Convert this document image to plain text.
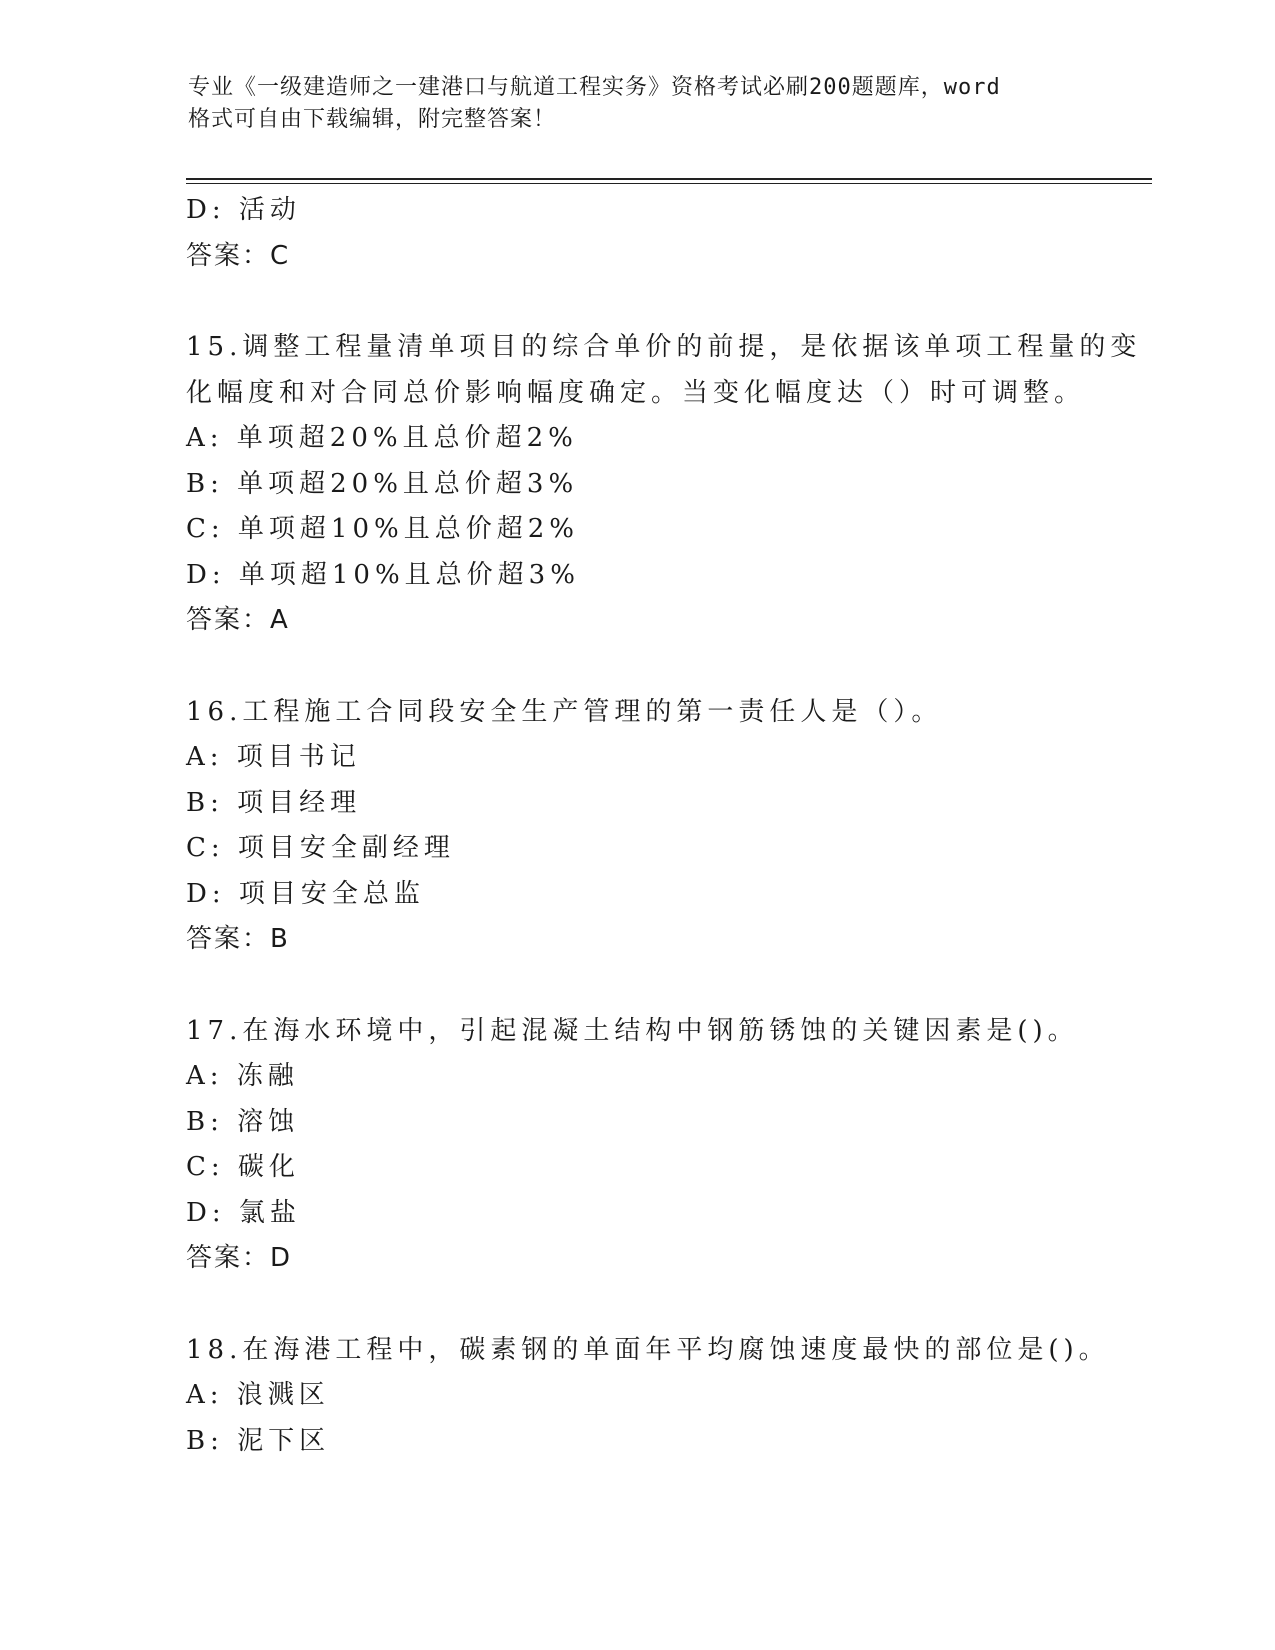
专业《一级建造师之一建港口与航道工程实务》资格考试必刷200题题库，word
格式可自由下载编辑，附完整答案！
D: 活动
答案：C
15.调整工程量清单项目的综合单价的前提，是依据该单项工程量的变
化幅度和对合同总价影响幅度确定。当变化幅度达（）时可调整。
A: 单项超20%且总价超2%
B: 单项超20%且总价超3%
C: 单项超10%且总价超2%
D: 单项超10%且总价超3%
答案：A
16.工程施工合同段安全生产管理的第一责任人是（）。
A: 项目书记
B: 项目经理
C: 项目安全副经理
D: 项目安全总监
答案：B
17.在海水环境中，引起混凝土结构中钢筋锈蚀的关键因素是()。
A: 冻融
B: 溶蚀
C: 碳化
D: 氯盐
答案：D
18.在海港工程中，碳素钢的单面年平均腐蚀速度最快的部位是()。
A: 浪溅区
B: 泥下区
